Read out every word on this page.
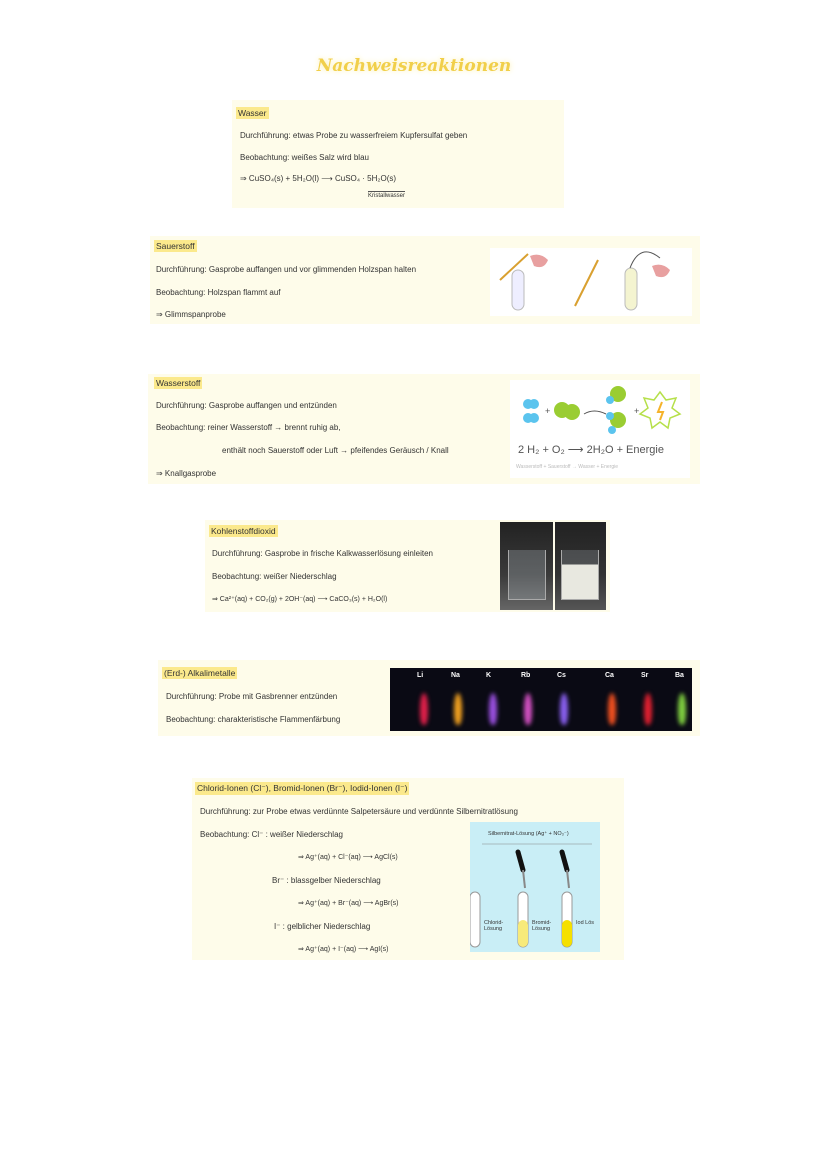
Nachweisreaktionen
Wasser
Durchführung: etwas Probe zu wasserfreiem Kupfersulfat geben
Beobachtung: weißes Salz wird blau
⇒ CuSO₄(s) + 5H₂O(l) ⟶ CuSO₄ · 5H₂O(s)
Kristallwasser
Sauerstoff
Durchführung: Gasprobe auffangen und vor glimmenden Holzspan halten
Beobachtung: Holzspan flammt auf
⇒ Glimmspanprobe
Wasserstoff
Durchführung: Gasprobe auffangen und entzünden
Beobachtung: reiner Wasserstoff → brennt ruhig ab,
enthält noch Sauerstoff oder Luft → pfeifendes Geräusch / Knall
⇒ Knallgasprobe
+	+
2 H₂ + O₂ ⟶ 2H₂O + Energie
Wasserstoff + Sauerstoff → Wasser + Energie
Kohlenstoffdioxid
Durchführung: Gasprobe in frische Kalkwasserlösung einleiten
Beobachtung: weißer Niederschlag
⇒ Ca²⁺(aq) + CO₂(g) + 2OH⁻(aq) ⟶ CaCO₃(s) + H₂O(l)
(Erd-) Alkalimetalle
Durchführung: Probe mit Gasbrenner entzünden
Beobachtung: charakteristische Flammenfärbung
Li	Na	K	Rb	Cs	Ca	Sr	Ba
Chlorid-Ionen (Cl⁻), Bromid-Ionen (Br⁻), Iodid-Ionen (I⁻)
Durchführung: zur Probe etwas verdünnte Salpetersäure und verdünnte Silbernitratlösung
Beobachtung: Cl⁻ : weißer Niederschlag
⇒ Ag⁺(aq) + Cl⁻(aq) ⟶ AgCl(s)
Br⁻ : blassgelber Niederschlag
⇒ Ag⁺(aq) + Br⁻(aq) ⟶ AgBr(s)
I⁻ : gelblicher Niederschlag
⇒ Ag⁺(aq) + I⁻(aq) ⟶ AgI(s)
Silbernitrat-Lösung (Ag⁺ + NO₃⁻)
Chlorid-Lösung
Bromid-Lösung
Iod Lös
